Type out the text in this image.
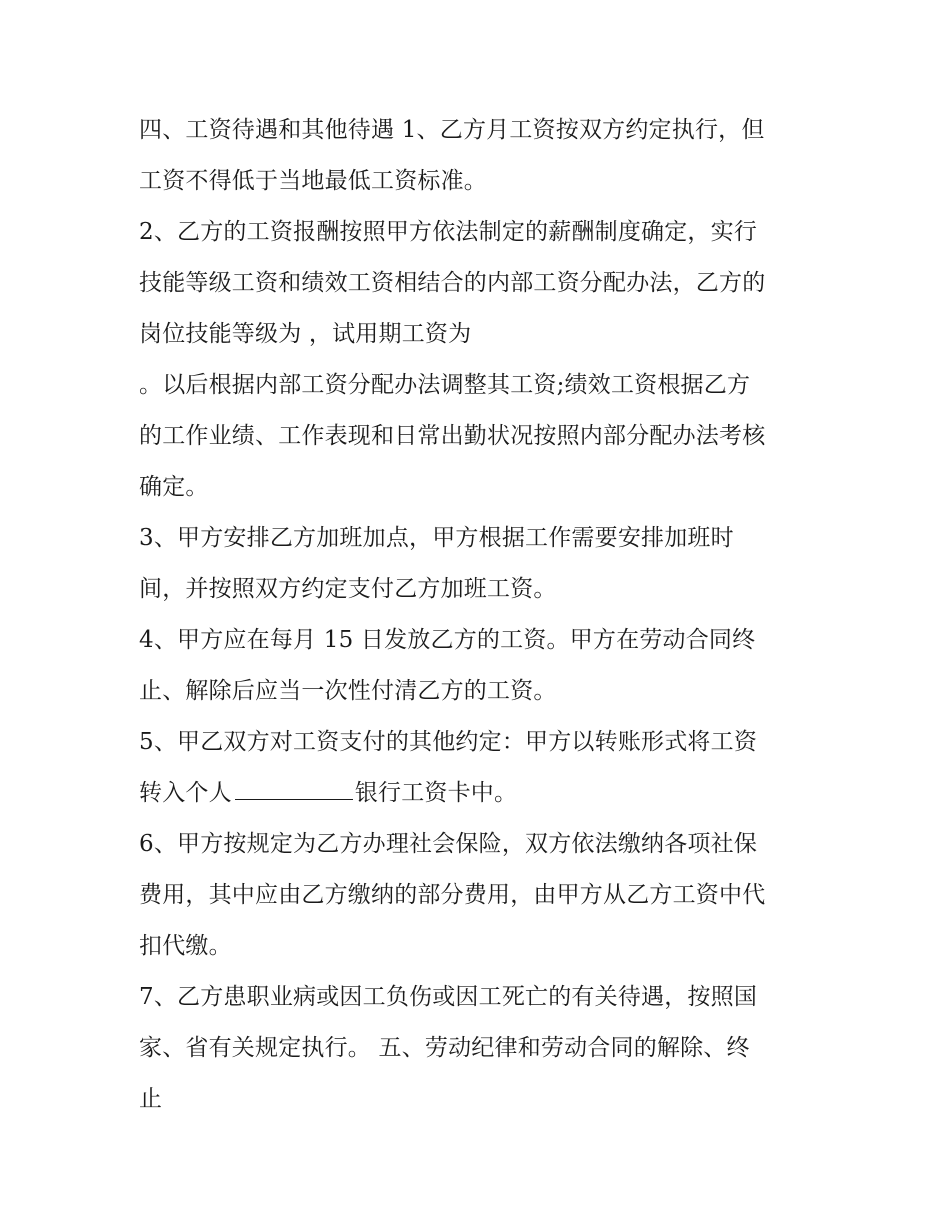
四、工资待遇和其他待遇 1、乙方月工资按双方约定执行，但
工资不得低于当地最低工资标准。

2、乙方的工资报酬按照甲方依法制定的薪酬制度确定，实行
技能等级工资和绩效工资相结合的内部工资分配办法，乙方的
岗位技能等级为 ，试用期工资为
。以后根据内部工资分配办法调整其工资;绩效工资根据乙方
的工作业绩、工作表现和日常出勤状况按照内部分配办法考核
确定。

3、甲方安排乙方加班加点，甲方根据工作需要安排加班时
间，并按照双方约定支付乙方加班工资。

4、甲方应在每月 15 日发放乙方的工资。甲方在劳动合同终
止、解除后应当一次性付清乙方的工资。

5、甲乙双方对工资支付的其他约定：甲方以转账形式将工资
转入个人	银行工资卡中。

6、甲方按规定为乙方办理社会保险，双方依法缴纳各项社保
费用，其中应由乙方缴纳的部分费用，由甲方从乙方工资中代
扣代缴。

7、乙方患职业病或因工负伤或因工死亡的有关待遇，按照国
家、省有关规定执行。 五、劳动纪律和劳动合同的解除、终
止
